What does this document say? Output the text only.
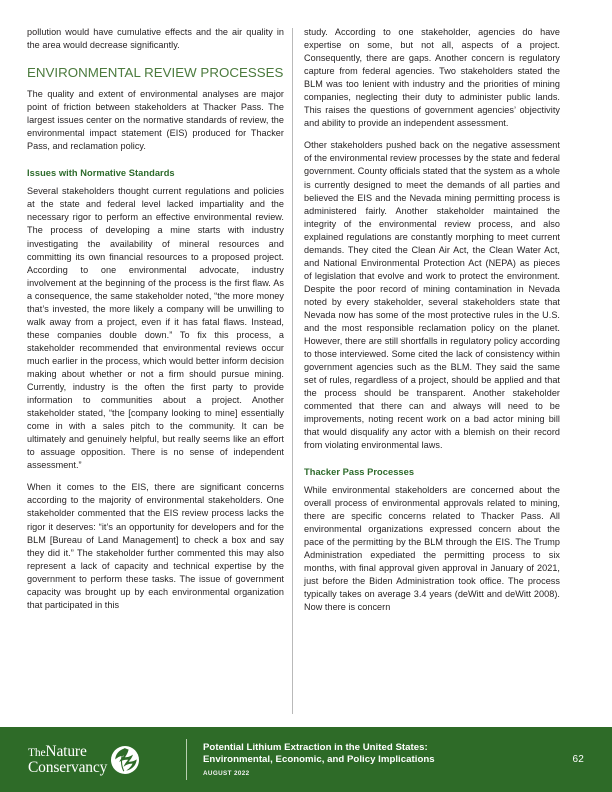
pollution would have cumulative effects and the air quality in the area would decrease significantly.

ENVIRONMENTAL REVIEW PROCESSES

The quality and extent of environmental analyses are major point of friction between stakeholders at Thacker Pass. The largest issues center on the normative standards of review, the environmental impact statement (EIS) produced for Thacker Pass, and reclamation policy.

Issues with Normative Standards

Several stakeholders thought current regulations and policies at the state and federal level lacked impartiality and the necessary rigor to perform an effective environmental review. The process of developing a mine starts with industry investigating the availability of mineral resources and committing its own financial resources to a proposed project. According to one environmental advocate, industry involvement at the beginning of the process is the first flaw. As a consequence, the same stakeholder noted, “the more money that’s invested, the more likely a company will be unwilling to walk away from a project, even if it has fatal flaws. Instead, these companies double down.” To fix this process, a stakeholder recommended that environmental reviews occur much earlier in the process, which would better inform decision making about whether or not a firm should pursue mining. Currently, industry is the often the first party to provide information to communities about a project. Another stakeholder stated, “the [company looking to mine] essentially come in with a sales pitch to the community. It can be ultimately and genuinely helpful, but really seems like an effort to assuage opposition. There is no sense of independent assessment.”

When it comes to the EIS, there are significant concerns according to the majority of environmental stakeholders. One stakeholder commented that the EIS review process lacks the rigor it deserves: “it’s an opportunity for developers and for the BLM [Bureau of Land Management] to check a box and say they did it.” The stakeholder further commented this may also represent a lack of capacity and technical expertise by the government to perform these tasks. The issue of government capacity was brought up by each environmental organization that participated in this

study. According to one stakeholder, agencies do have expertise on some, but not all, aspects of a project. Consequently, there are gaps. Another concern is regulatory capture from federal agencies. Two stakeholders stated the BLM was too lenient with industry and the priorities of mining companies, neglecting their duty to administer public lands. This raises the questions of government agencies’ objectivity and ability to provide an independent assessment.

Other stakeholders pushed back on the negative assessment of the environmental review processes by the state and federal government. County officials stated that the system as a whole is currently designed to meet the demands of all parties and believed the EIS and the Nevada mining permitting process is administered fairly. Another stakeholder maintained the integrity of the environmental review process, and also explained regulations are constantly morphing to meet current demands. They cited the Clean Air Act, the Clean Water Act, and National Environmental Protection Act (NEPA) as pieces of legislation that evolve and work to protect the environment. Despite the poor record of mining contamination in Nevada noted by every stakeholder, several stakeholders state that Nevada now has some of the most protective rules in the U.S. and the most responsible reclamation policy on the planet. However, there are still shortfalls in regulatory policy according to those interviewed. Some cited the lack of consistency within government agencies such as the BLM. They said the same set of rules, regardless of a project, should be applied and that the process should be transparent. Another stakeholder commented that there can and always will need to be improvements, noting recent work on a bad actor mining bill that would disqualify any actor with a blemish on their record from violating environmental laws.

Thacker Pass Processes

While environmental stakeholders are concerned about the overall process of environmental approvals related to mining, there are specific concerns related to Thacker Pass. All environmental organizations expressed concern about the pace of the permitting by the BLM through the EIS. The Trump Administration expediated the permitting process to six months, with final approval given approval in January of 2021, just before the Biden Administration took office. The process typically takes on average 3.4 years (deWitt and deWitt 2008). Now there is concern

TheNature
Conservancy
Potential Lithium Extraction in the United States:
Environmental, Economic, and Policy Implications
AUGUST 2022
62
